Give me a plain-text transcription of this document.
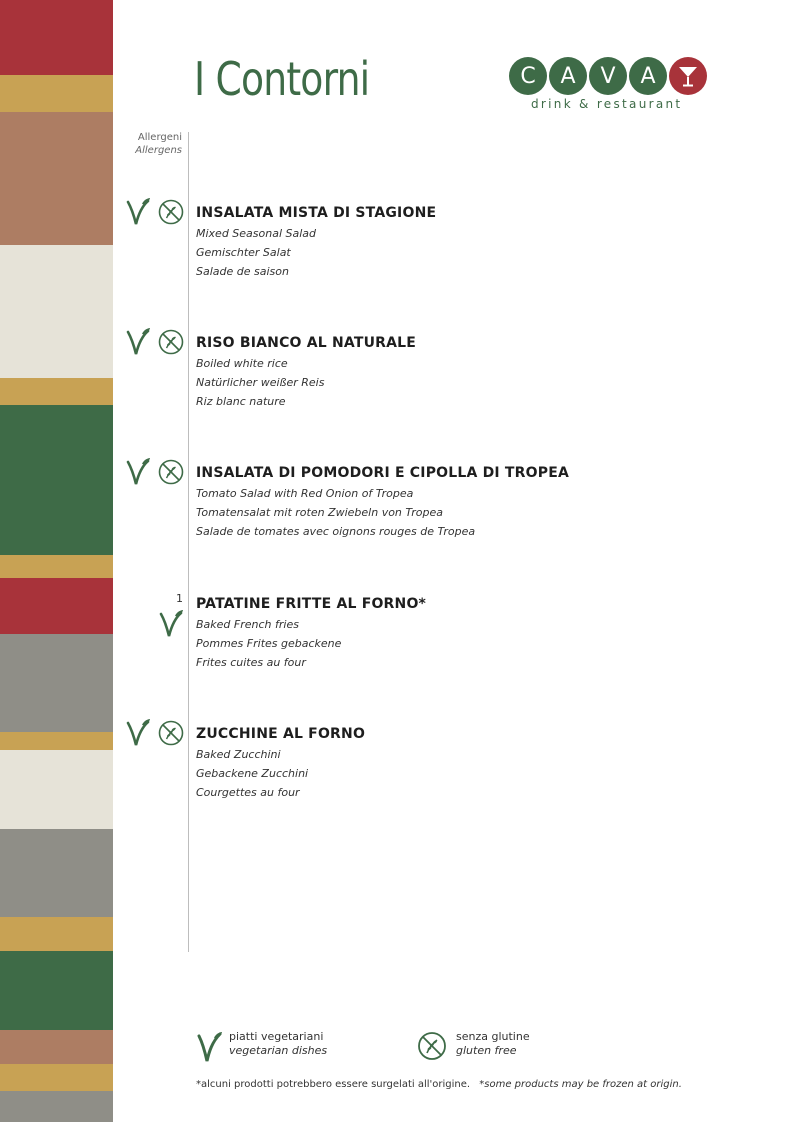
I Contorni	C	A	V	A
drink & restaurant
Allergeni
Allergens
INSALATA MISTA DI STAGIONE
Mixed Seasonal Salad
Gemischter Salat
Salade de saison
RISO BIANCO AL NATURALE
Boiled white rice
Natürlicher weißer Reis
Riz blanc nature
INSALATA DI POMODORI E CIPOLLA DI TROPEA
Tomato Salad with Red Onion of Tropea
Tomatensalat mit roten Zwiebeln von Tropea
Salade de tomates avec oignons rouges de Tropea
PATATINE FRITTE AL FORNO*
Baked French fries
Pommes Frites gebackene
Frites cuites au four
1
ZUCCHINE AL FORNO
Baked Zucchini
Gebackene Zucchini
Courgettes au four
piatti vegetariani
vegetarian dishes
senza glutine
gluten free
*alcuni prodotti potrebbero essere surgelati all'origine. *some products may be frozen at origin.
